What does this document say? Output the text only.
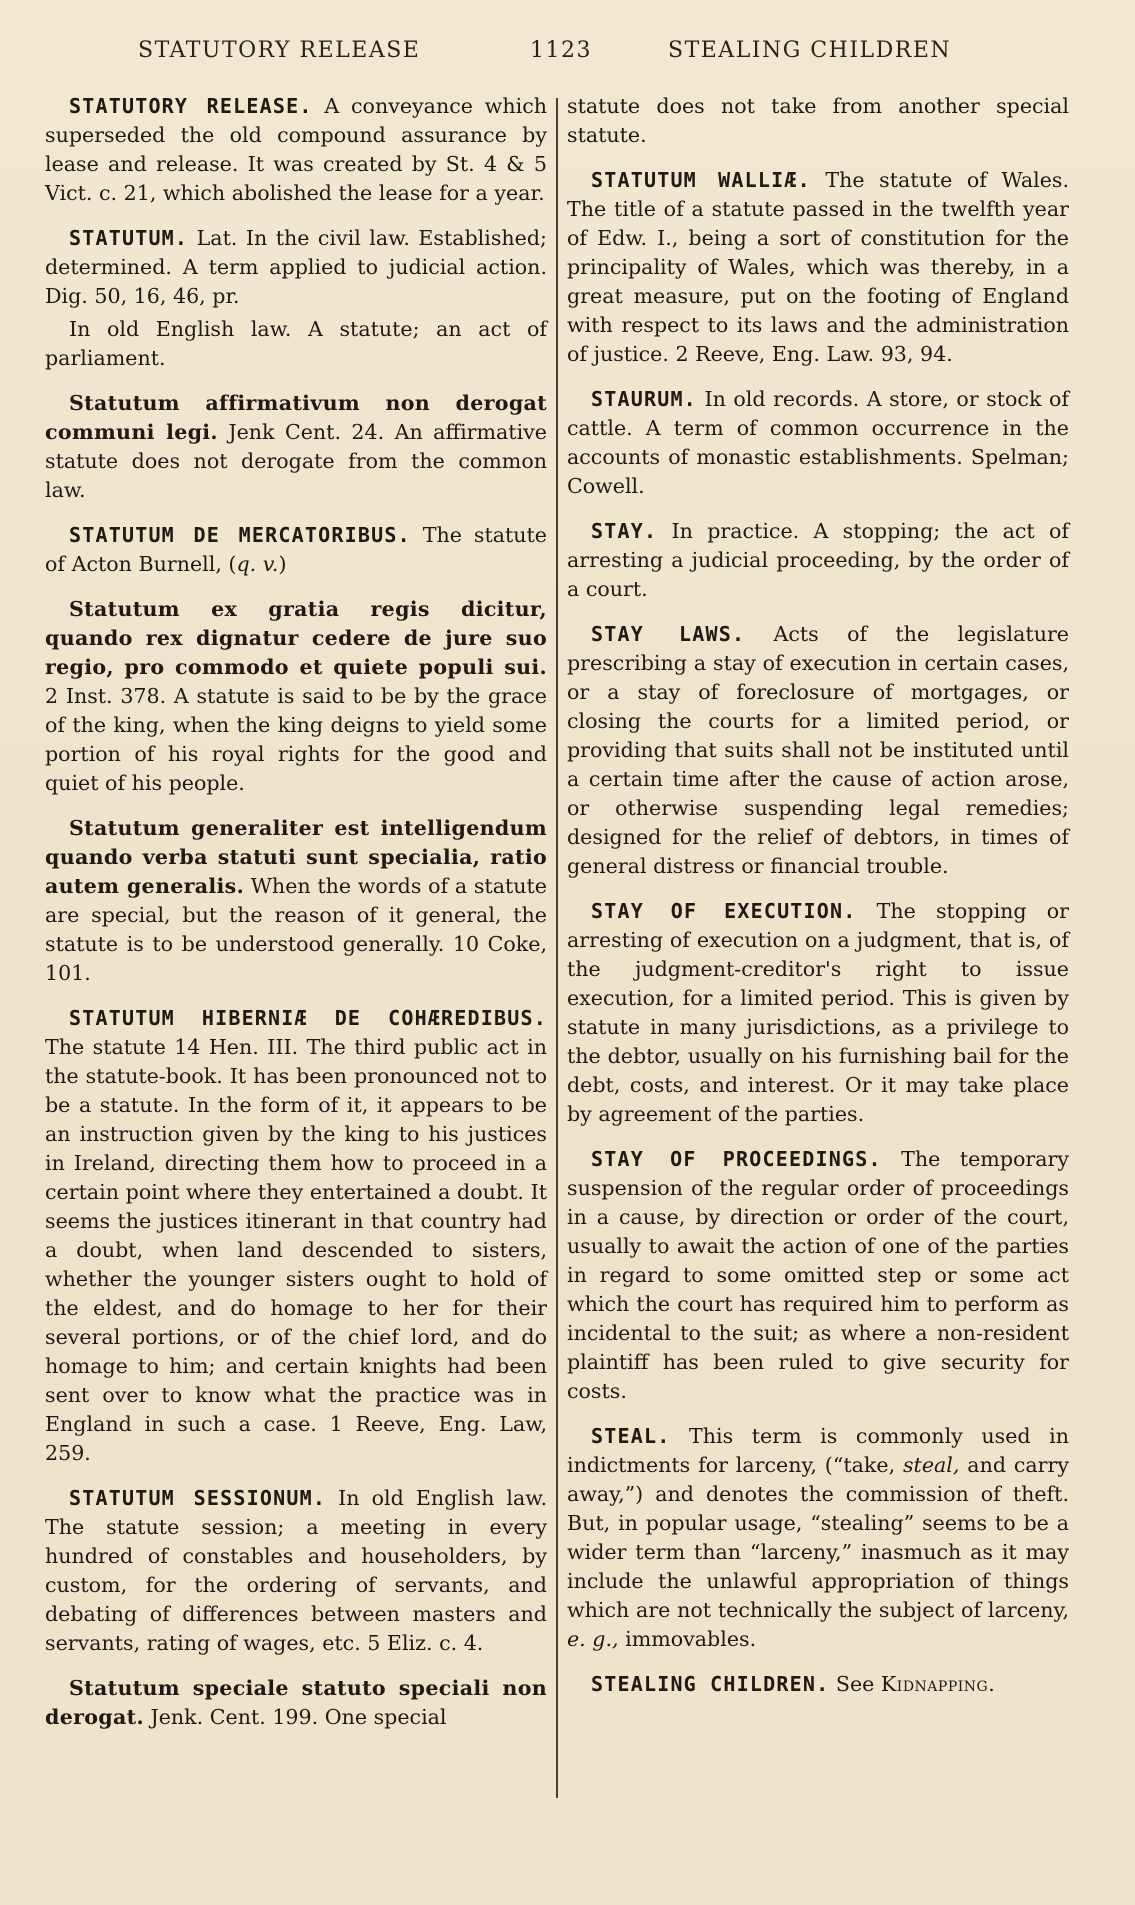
STATUTORY RELEASE	1123	STEALING CHILDREN

STATUTORY RELEASE. A conveyance which superseded the old compound assurance by lease and release. It was created by St. 4 & 5 Vict. c. 21, which abolished the lease for a year.

STATUTUM. Lat. In the civil law. Established; determined. A term applied to judicial action. Dig. 50, 16, 46, pr.

In old English law. A statute; an act of parliament.

Statutum affirmativum non derogat communi legi. Jenk Cent. 24. An affirmative statute does not derogate from the common law.

STATUTUM DE MERCATORIBUS. The statute of Acton Burnell, (q. v.)

Statutum ex gratia regis dicitur, quando rex dignatur cedere de jure suo regio, pro commodo et quiete populi sui. 2 Inst. 378. A statute is said to be by the grace of the king, when the king deigns to yield some portion of his royal rights for the good and quiet of his people.

Statutum generaliter est intelligendum quando verba statuti sunt specialia, ratio autem generalis. When the words of a statute are special, but the reason of it general, the statute is to be understood generally. 10 Coke, 101.

STATUTUM HIBERNIÆ DE COHÆREDIBUS. The statute 14 Hen. III. The third public act in the statute-book. It has been pronounced not to be a statute. In the form of it, it appears to be an instruction given by the king to his justices in Ireland, directing them how to proceed in a certain point where they entertained a doubt. It seems the justices itinerant in that country had a doubt, when land descended to sisters, whether the younger sisters ought to hold of the eldest, and do homage to her for their several portions, or of the chief lord, and do homage to him; and certain knights had been sent over to know what the practice was in England in such a case. 1 Reeve, Eng. Law, 259.

STATUTUM SESSIONUM. In old English law. The statute session; a meeting in every hundred of constables and householders, by custom, for the ordering of servants, and debating of differences between masters and servants, rating of wages, etc. 5 Eliz. c. 4.

Statutum speciale statuto speciali non derogat. Jenk. Cent. 199. One special

statute does not take from another special statute.

STATUTUM WALLIÆ. The statute of Wales. The title of a statute passed in the twelfth year of Edw. I., being a sort of constitution for the principality of Wales, which was thereby, in a great measure, put on the footing of England with respect to its laws and the administration of justice. 2 Reeve, Eng. Law. 93, 94.

STAURUM. In old records. A store, or stock of cattle. A term of common occurrence in the accounts of monastic establishments. Spelman; Cowell.

STAY. In practice. A stopping; the act of arresting a judicial proceeding, by the order of a court.

STAY LAWS. Acts of the legislature prescribing a stay of execution in certain cases, or a stay of foreclosure of mortgages, or closing the courts for a limited period, or providing that suits shall not be instituted until a certain time after the cause of action arose, or otherwise suspending legal remedies; designed for the relief of debtors, in times of general distress or financial trouble.

STAY OF EXECUTION. The stopping or arresting of execution on a judgment, that is, of the judgment-creditor's right to issue execution, for a limited period. This is given by statute in many jurisdictions, as a privilege to the debtor, usually on his furnishing bail for the debt, costs, and interest. Or it may take place by agreement of the parties.

STAY OF PROCEEDINGS. The temporary suspension of the regular order of proceedings in a cause, by direction or order of the court, usually to await the action of one of the parties in regard to some omitted step or some act which the court has required him to perform as incidental to the suit; as where a non-resident plaintiff has been ruled to give security for costs.

STEAL. This term is commonly used in indictments for larceny, (“take, steal, and carry away,”) and denotes the commission of theft. But, in popular usage, “stealing” seems to be a wider term than “larceny,” inasmuch as it may include the unlawful appropriation of things which are not technically the subject of larceny, e. g., immovables.

STEALING CHILDREN. See Kidnapping.
